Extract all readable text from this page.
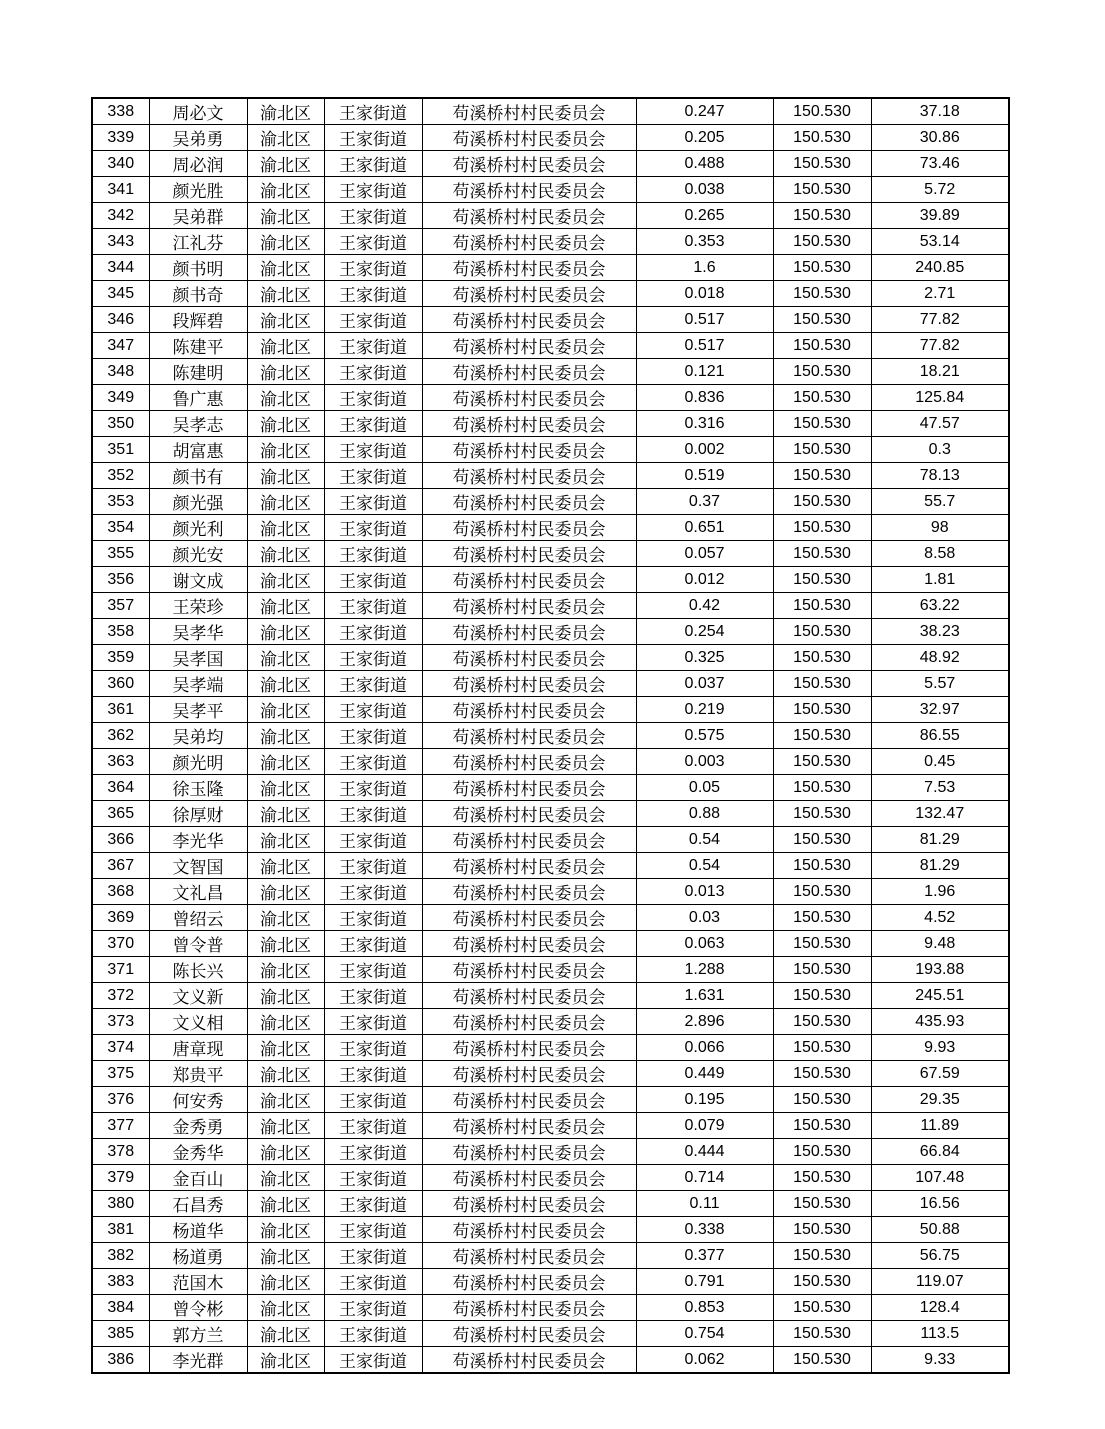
338	周必文	渝北区	王家街道	苟溪桥村村民委员会	0.247	150.530	37.18
339	吴弟勇	渝北区	王家街道	苟溪桥村村民委员会	0.205	150.530	30.86
340	周必润	渝北区	王家街道	苟溪桥村村民委员会	0.488	150.530	73.46
341	颜光胜	渝北区	王家街道	苟溪桥村村民委员会	0.038	150.530	5.72
342	吴弟群	渝北区	王家街道	苟溪桥村村民委员会	0.265	150.530	39.89
343	江礼芬	渝北区	王家街道	苟溪桥村村民委员会	0.353	150.530	53.14
344	颜书明	渝北区	王家街道	苟溪桥村村民委员会	1.6	150.530	240.85
345	颜书奇	渝北区	王家街道	苟溪桥村村民委员会	0.018	150.530	2.71
346	段辉碧	渝北区	王家街道	苟溪桥村村民委员会	0.517	150.530	77.82
347	陈建平	渝北区	王家街道	苟溪桥村村民委员会	0.517	150.530	77.82
348	陈建明	渝北区	王家街道	苟溪桥村村民委员会	0.121	150.530	18.21
349	鲁广惠	渝北区	王家街道	苟溪桥村村民委员会	0.836	150.530	125.84
350	吴孝志	渝北区	王家街道	苟溪桥村村民委员会	0.316	150.530	47.57
351	胡富惠	渝北区	王家街道	苟溪桥村村民委员会	0.002	150.530	0.3
352	颜书有	渝北区	王家街道	苟溪桥村村民委员会	0.519	150.530	78.13
353	颜光强	渝北区	王家街道	苟溪桥村村民委员会	0.37	150.530	55.7
354	颜光利	渝北区	王家街道	苟溪桥村村民委员会	0.651	150.530	98
355	颜光安	渝北区	王家街道	苟溪桥村村民委员会	0.057	150.530	8.58
356	谢文成	渝北区	王家街道	苟溪桥村村民委员会	0.012	150.530	1.81
357	王荣珍	渝北区	王家街道	苟溪桥村村民委员会	0.42	150.530	63.22
358	吴孝华	渝北区	王家街道	苟溪桥村村民委员会	0.254	150.530	38.23
359	吴孝国	渝北区	王家街道	苟溪桥村村民委员会	0.325	150.530	48.92
360	吴孝端	渝北区	王家街道	苟溪桥村村民委员会	0.037	150.530	5.57
361	吴孝平	渝北区	王家街道	苟溪桥村村民委员会	0.219	150.530	32.97
362	吴弟均	渝北区	王家街道	苟溪桥村村民委员会	0.575	150.530	86.55
363	颜光明	渝北区	王家街道	苟溪桥村村民委员会	0.003	150.530	0.45
364	徐玉隆	渝北区	王家街道	苟溪桥村村民委员会	0.05	150.530	7.53
365	徐厚财	渝北区	王家街道	苟溪桥村村民委员会	0.88	150.530	132.47
366	李光华	渝北区	王家街道	苟溪桥村村民委员会	0.54	150.530	81.29
367	文智国	渝北区	王家街道	苟溪桥村村民委员会	0.54	150.530	81.29
368	文礼昌	渝北区	王家街道	苟溪桥村村民委员会	0.013	150.530	1.96
369	曾绍云	渝北区	王家街道	苟溪桥村村民委员会	0.03	150.530	4.52
370	曾令普	渝北区	王家街道	苟溪桥村村民委员会	0.063	150.530	9.48
371	陈长兴	渝北区	王家街道	苟溪桥村村民委员会	1.288	150.530	193.88
372	文义新	渝北区	王家街道	苟溪桥村村民委员会	1.631	150.530	245.51
373	文义相	渝北区	王家街道	苟溪桥村村民委员会	2.896	150.530	435.93
374	唐章现	渝北区	王家街道	苟溪桥村村民委员会	0.066	150.530	9.93
375	郑贵平	渝北区	王家街道	苟溪桥村村民委员会	0.449	150.530	67.59
376	何安秀	渝北区	王家街道	苟溪桥村村民委员会	0.195	150.530	29.35
377	金秀勇	渝北区	王家街道	苟溪桥村村民委员会	0.079	150.530	11.89
378	金秀华	渝北区	王家街道	苟溪桥村村民委员会	0.444	150.530	66.84
379	金百山	渝北区	王家街道	苟溪桥村村民委员会	0.714	150.530	107.48
380	石昌秀	渝北区	王家街道	苟溪桥村村民委员会	0.11	150.530	16.56
381	杨道华	渝北区	王家街道	苟溪桥村村民委员会	0.338	150.530	50.88
382	杨道勇	渝北区	王家街道	苟溪桥村村民委员会	0.377	150.530	56.75
383	范国木	渝北区	王家街道	苟溪桥村村民委员会	0.791	150.530	119.07
384	曾令彬	渝北区	王家街道	苟溪桥村村民委员会	0.853	150.530	128.4
385	郭方兰	渝北区	王家街道	苟溪桥村村民委员会	0.754	150.530	113.5
386	李光群	渝北区	王家街道	苟溪桥村村民委员会	0.062	150.530	9.33
